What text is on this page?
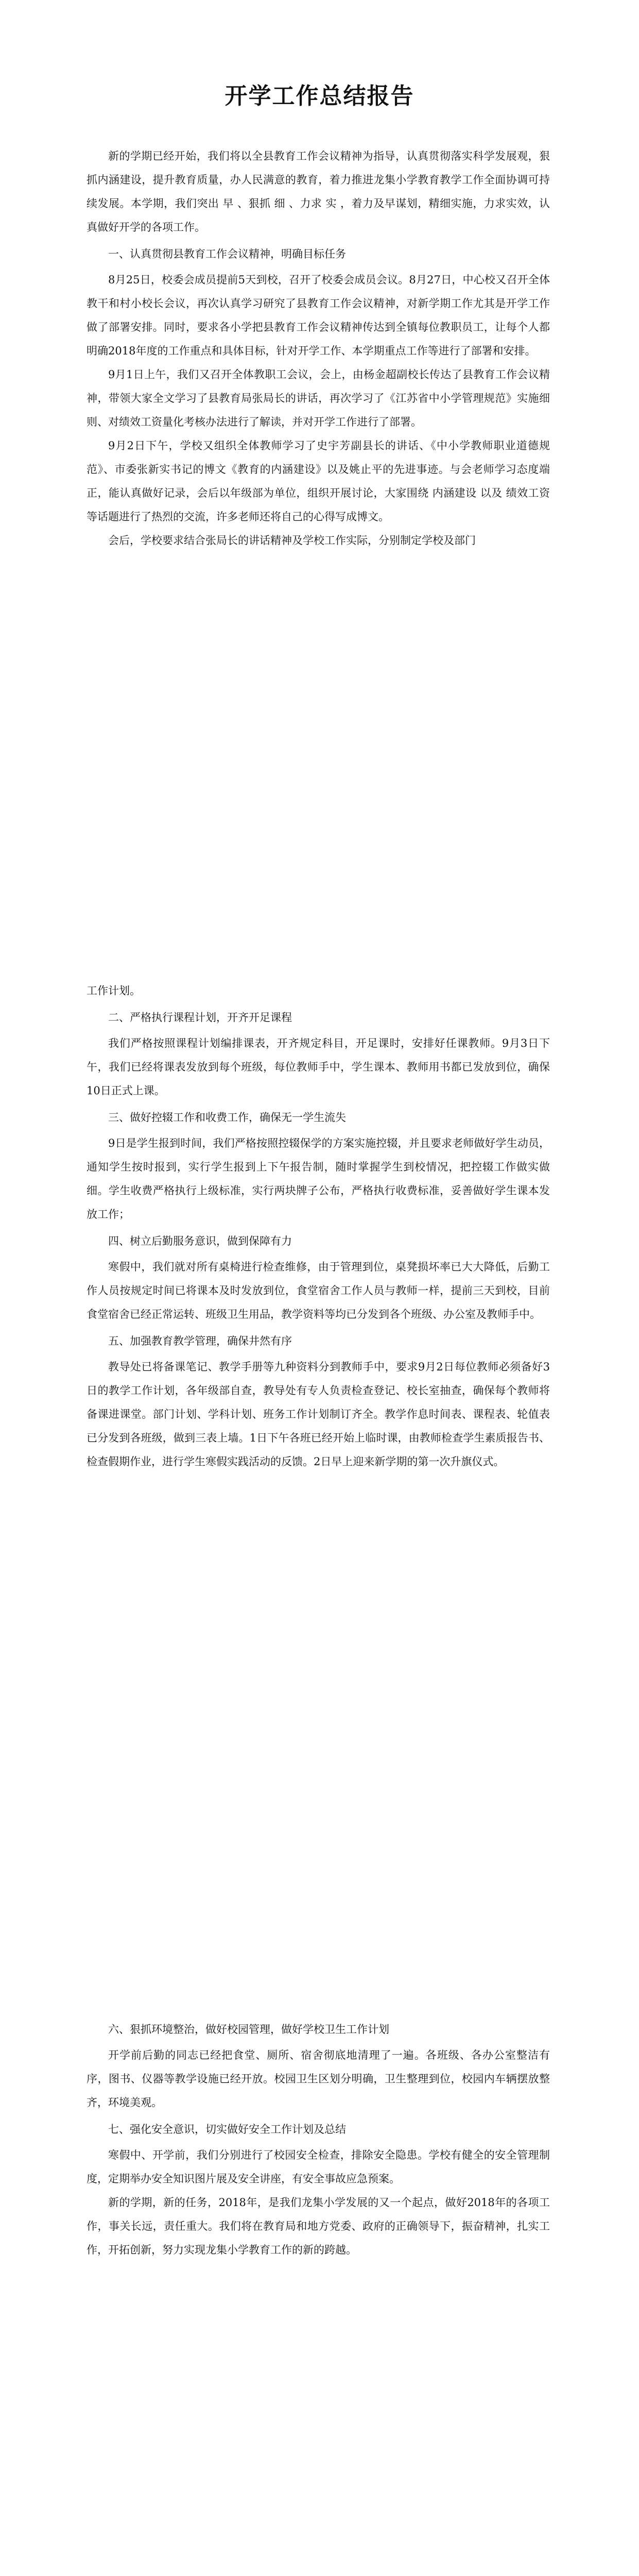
开学工作总结报告

新的学期已经开始，我们将以全县教育工作会议精神为指导，认真贯彻落实科学发展观，狠抓内涵建设，提升教育质量，办人民满意的教育，着力推进龙集小学教育教学工作全面协调可持续发展。本学期，我们突出 早 、狠抓 细 、力求 实 ，着力及早谋划，精细实施，力求实效，认真做好开学的各项工作。

一、认真贯彻县教育工作会议精神，明确目标任务

8月25日，校委会成员提前5天到校，召开了校委会成员会议。8月27日，中心校又召开全体教干和村小校长会议，再次认真学习研究了县教育工作会议精神，对新学期工作尤其是开学工作做了部署安排。同时，要求各小学把县教育工作会议精神传达到全镇每位教职员工，让每个人都明确2018年度的工作重点和具体目标，针对开学工作、本学期重点工作等进行了部署和安排。

9月1日上午，我们又召开全体教职工会议，会上，由杨金超副校长传达了县教育工作会议精神，带领大家全文学习了县教育局张局长的讲话，再次学习了《江苏省中小学管理规范》实施细则、对绩效工资量化考核办法进行了解读，并对开学工作进行了部署。

9月2日下午，学校又组织全体教师学习了史宇芳副县长的讲话、《中小学教师职业道德规范》、市委张新实书记的博文《教育的内涵建设》以及姚止平的先进事迹。与会老师学习态度端正，能认真做好记录，会后以年级部为单位，组织开展讨论，大家围绕 内涵建设 以及 绩效工资 等话题进行了热烈的交流，许多老师还将自己的心得写成博文。

会后，学校要求结合张局长的讲话精神及学校工作实际，分别制定学校及部门

工作计划。

二、严格执行课程计划，开齐开足课程

我们严格按照课程计划编排课表，开齐规定科目，开足课时，安排好任课教师。9月3日下午，我们已经将课表发放到每个班级，每位教师手中，学生课本、教师用书都已发放到位，确保10日正式上课。

三、做好控辍工作和收费工作，确保无一学生流失

9日是学生报到时间，我们严格按照控辍保学的方案实施控辍，并且要求老师做好学生动员，通知学生按时报到，实行学生报到上下午报告制，随时掌握学生到校情况，把控辍工作做实做细。学生收费严格执行上级标准，实行两块牌子公布，严格执行收费标准，妥善做好学生课本发放工作；

四、树立后勤服务意识，做到保障有力

寒假中，我们就对所有桌椅进行检查维修，由于管理到位，桌凳损坏率已大大降低，后勤工作人员按规定时间已将课本及时发放到位，食堂宿舍工作人员与教师一样，提前三天到校，目前食堂宿舍已经正常运转、班级卫生用品，教学资料等均已分发到各个班级、办公室及教师手中。

五、加强教育教学管理，确保井然有序

教导处已将备课笔记、教学手册等九种资料分到教师手中，要求9月2日每位教师必须备好3日的教学工作计划，各年级部自查，教导处有专人负责检查登记、校长室抽查，确保每个教师将备课进课堂。部门计划、学科计划、班务工作计划制订齐全。教学作息时间表、课程表、轮值表已分发到各班级，做到三表上墙。1日下午各班已经开始上临时课，由教师检查学生素质报告书、检查假期作业，进行学生寒假实践活动的反馈。2日早上迎来新学期的第一次升旗仪式。

六、狠抓环境整治，做好校园管理，做好学校卫生工作计划

开学前后勤的同志已经把食堂、厕所、宿舍彻底地清理了一遍。各班级、各办公室整洁有序，图书、仪器等教学设施已经开放。校园卫生区划分明确，卫生整理到位，校园内车辆摆放整齐，环境美观。

七、强化安全意识，切实做好安全工作计划及总结

寒假中、开学前，我们分别进行了校园安全检查，排除安全隐患。学校有健全的安全管理制度，定期举办安全知识图片展及安全讲座，有安全事故应急预案。

新的学期，新的任务，2018年，是我们龙集小学发展的又一个起点，做好2018年的各项工作，事关长远，责任重大。我们将在教育局和地方党委、政府的正确领导下，振奋精神，扎实工作，开拓创新，努力实现龙集小学教育工作的新的跨越。
